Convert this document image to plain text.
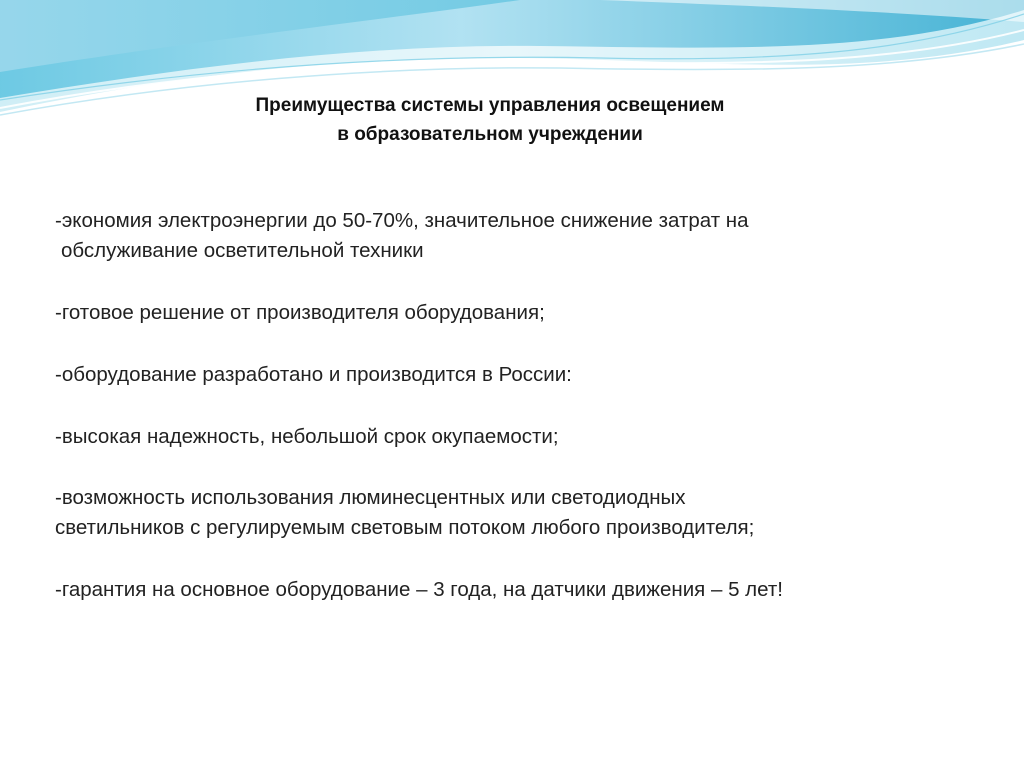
Преимущества системы управления освещением
в образовательном учреждении
-экономия электроэнергии до 50-70%, значительное снижение затрат на
обслуживание осветительной техники
-готовое решение от производителя оборудования;
-оборудование разработано и производится в России:
-высокая надежность, небольшой срок окупаемости;
-возможность использования люминесцентных или светодиодных
светильников с регулируемым световым потоком любого производителя;
-гарантия на основное оборудование – 3 года, на датчики движения – 5 лет!
